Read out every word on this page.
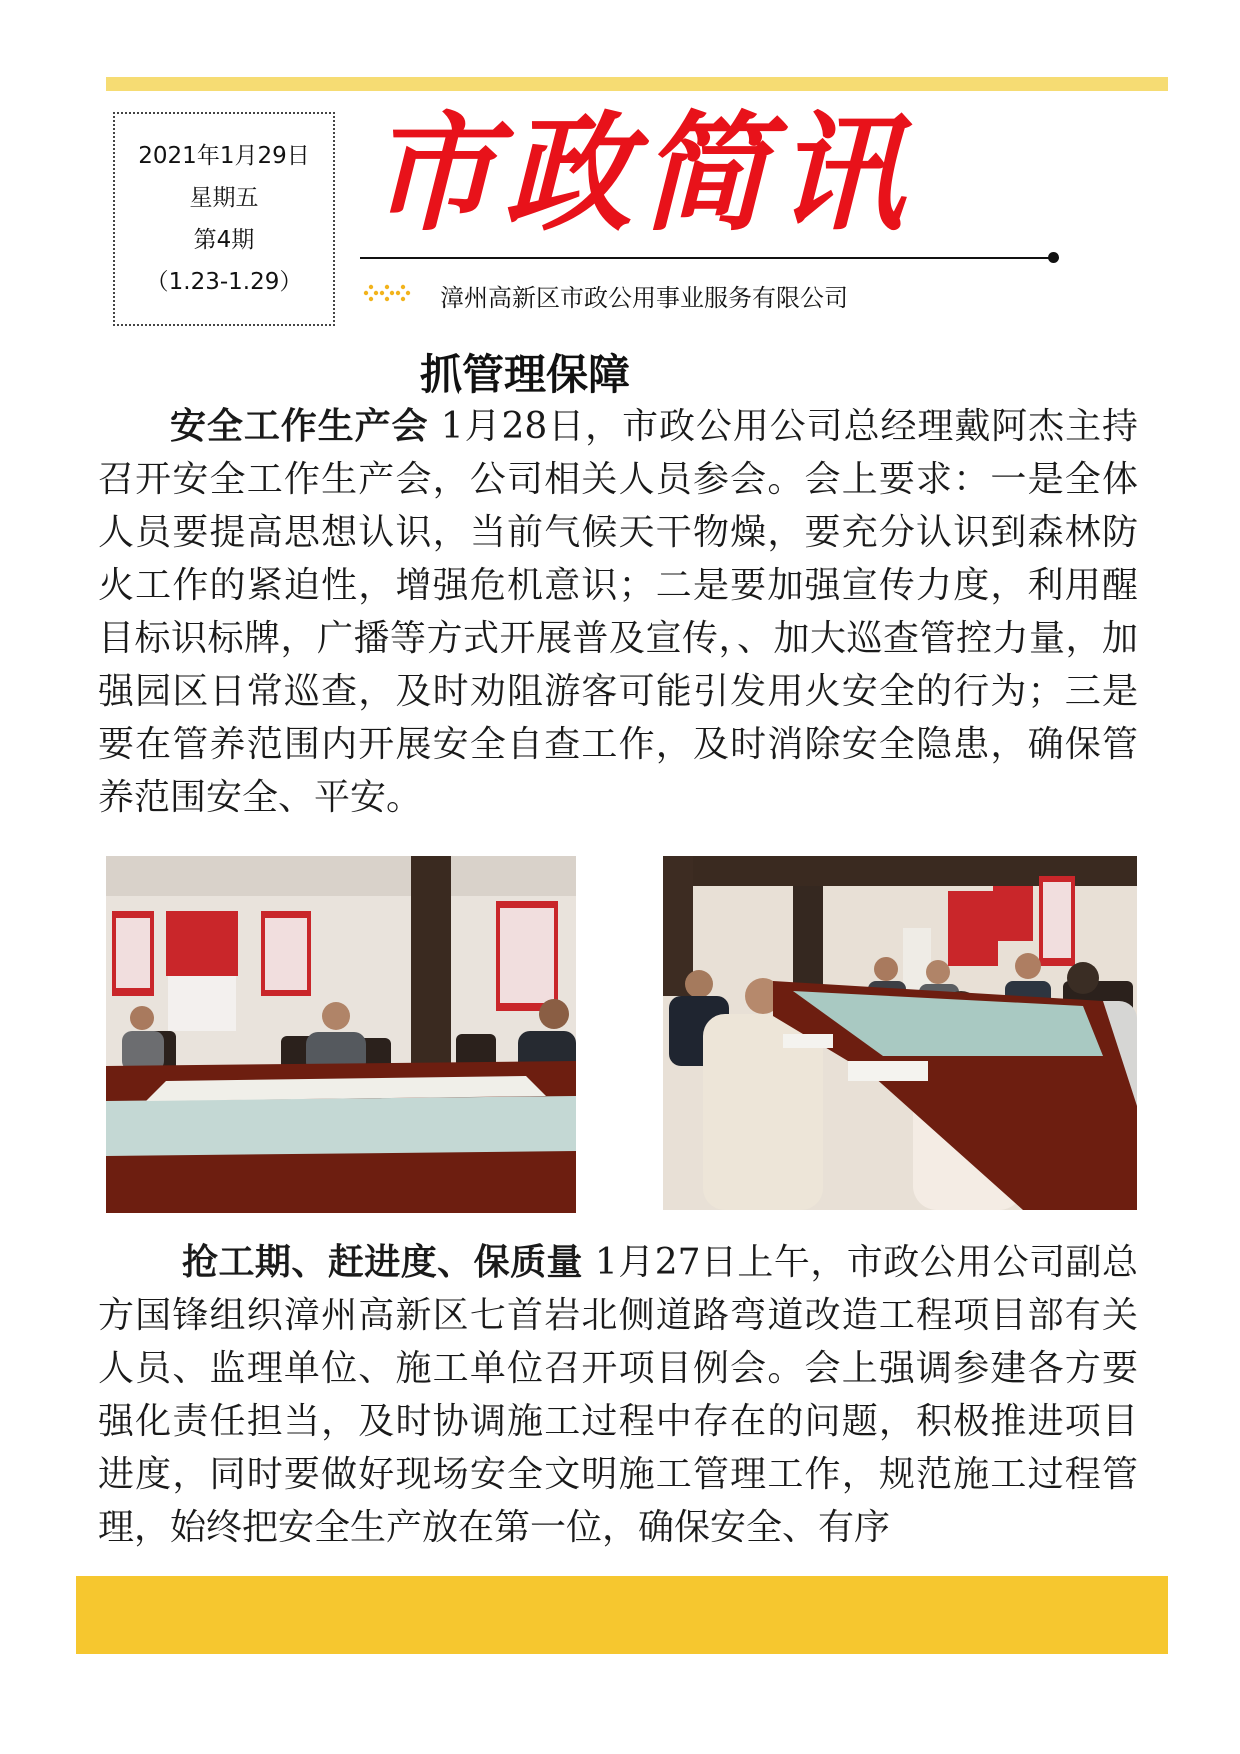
2021年1月29日
星期五
第4期
（1.23-1.29）
市政简讯
漳州高新区市政公用事业服务有限公司
抓管理保障
安全工作生产会 1月28日，市政公用公司总经理戴阿杰主持召开安全工作生产会，公司相关人员参会。会上要求：一是全体人员要提高思想认识，当前气候天干物燥，要充分认识到森林防火工作的紧迫性，增强危机意识；二是要加强宣传力度，利用醒目标识标牌，广播等方式开展普及宣传，、加大巡查管控力量，加强园区日常巡查，及时劝阻游客可能引发用火安全的行为；三是要在管养范围内开展安全自查工作，及时消除安全隐患，确保管养范围安全、平安。
抢工期、赶进度、保质量 1月27日上午，市政公用公司副总方国锋组织漳州高新区七首岩北侧道路弯道改造工程项目部有关人员、监理单位、施工单位召开项目例会。会上强调参建各方要强化责任担当，及时协调施工过程中存在的问题，积极推进项目进度，同时要做好现场安全文明施工管理工作，规范施工过程管理，始终把安全生产放在第一位，确保安全、有序
